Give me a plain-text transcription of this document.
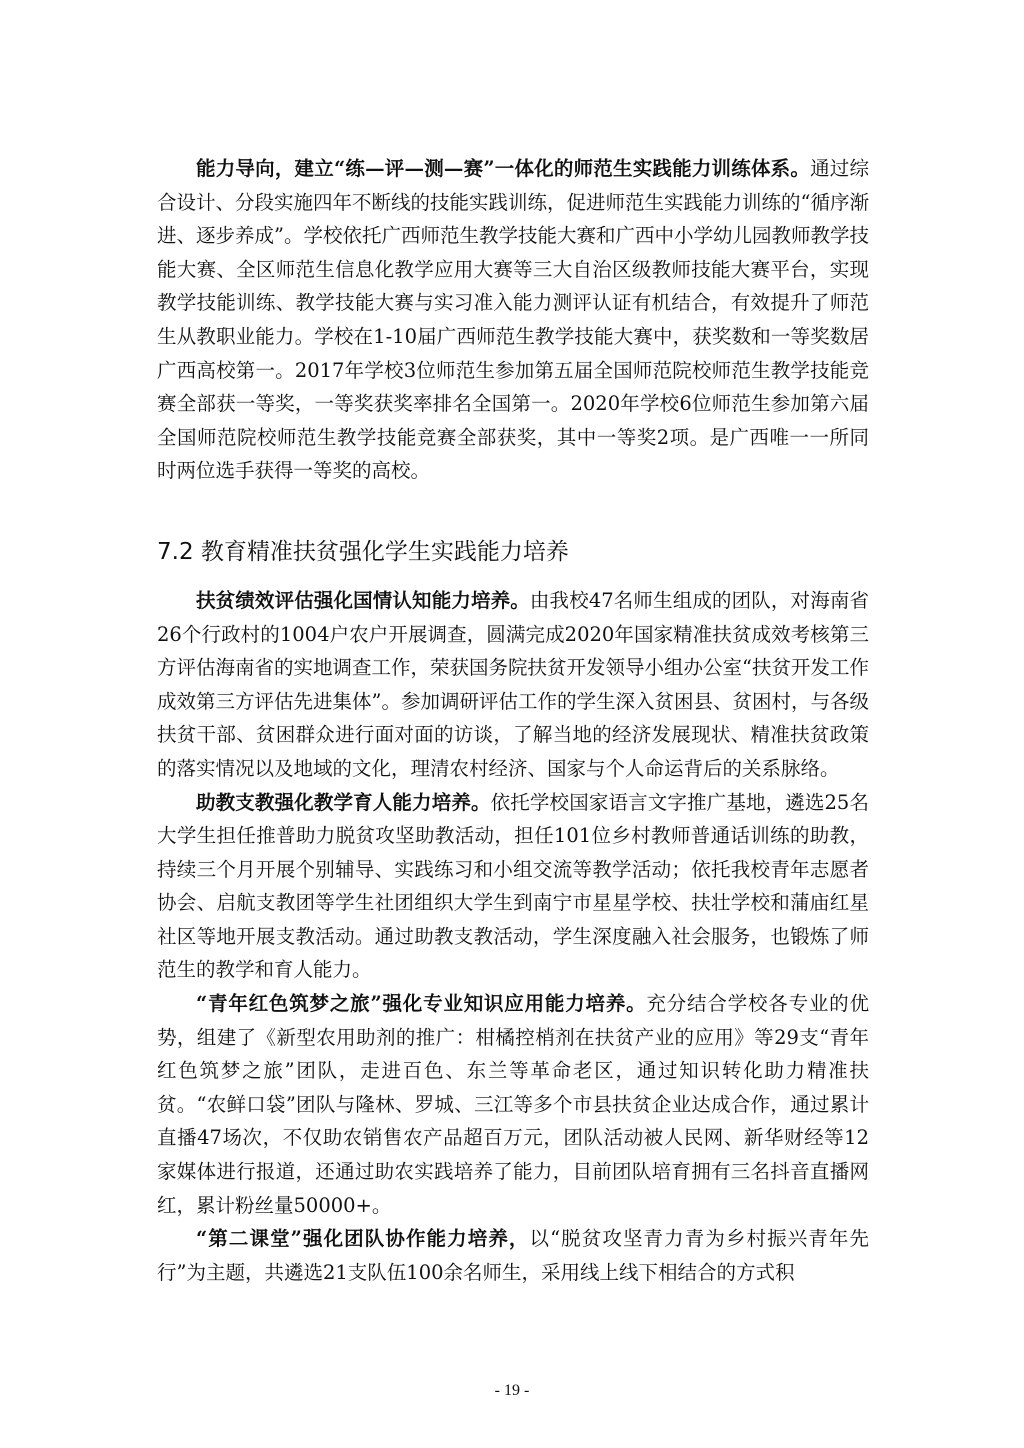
能力导向，建立“练—评—测—赛”一体化的师范生实践能力训练体系。通过综合设计、分段实施四年不断线的技能实践训练，促进师范生实践能力训练的“循序渐进、逐步养成”。学校依托广西师范生教学技能大赛和广西中小学幼儿园教师教学技能大赛、全区师范生信息化教学应用大赛等三大自治区级教师技能大赛平台，实现教学技能训练、教学技能大赛与实习准入能力测评认证有机结合，有效提升了师范生从教职业能力。学校在1-10届广西师范生教学技能大赛中，获奖数和一等奖数居广西高校第一。2017年学校3位师范生参加第五届全国师范院校师范生教学技能竞赛全部获一等奖，一等奖获奖率排名全国第一。2020年学校6位师范生参加第六届全国师范院校师范生教学技能竞赛全部获奖，其中一等奖2项。是广西唯一一所同时两位选手获得一等奖的高校。

7.2 教育精准扶贫强化学生实践能力培养

扶贫绩效评估强化国情认知能力培养。由我校47名师生组成的团队，对海南省26个行政村的1004户农户开展调查，圆满完成2020年国家精准扶贫成效考核第三方评估海南省的实地调查工作，荣获国务院扶贫开发领导小组办公室“扶贫开发工作成效第三方评估先进集体”。参加调研评估工作的学生深入贫困县、贫困村，与各级扶贫干部、贫困群众进行面对面的访谈，了解当地的经济发展现状、精准扶贫政策的落实情况以及地域的文化，理清农村经济、国家与个人命运背后的关系脉络。

助教支教强化教学育人能力培养。依托学校国家语言文字推广基地，遴选25名大学生担任推普助力脱贫攻坚助教活动，担任101位乡村教师普通话训练的助教，持续三个月开展个别辅导、实践练习和小组交流等教学活动；依托我校青年志愿者协会、启航支教团等学生社团组织大学生到南宁市星星学校、扶壮学校和蒲庙红星社区等地开展支教活动。通过助教支教活动，学生深度融入社会服务，也锻炼了师范生的教学和育人能力。

“青年红色筑梦之旅”强化专业知识应用能力培养。充分结合学校各专业的优势，组建了《新型农用助剂的推广：柑橘控梢剂在扶贫产业的应用》等29支“青年红色筑梦之旅”团队，走进百色、东兰等革命老区，通过知识转化助力精准扶贫。“农鲜口袋”团队与隆林、罗城、三江等多个市县扶贫企业达成合作，通过累计直播47场次，不仅助农销售农产品超百万元，团队活动被人民网、新华财经等12家媒体进行报道，还通过助农实践培养了能力，目前团队培育拥有三名抖音直播网红，累计粉丝量50000+。

“第二课堂”强化团队协作能力培养，以“脱贫攻坚青力青为乡村振兴青年先行”为主题，共遴选21支队伍100余名师生，采用线上线下相结合的方式积

- 19 -
